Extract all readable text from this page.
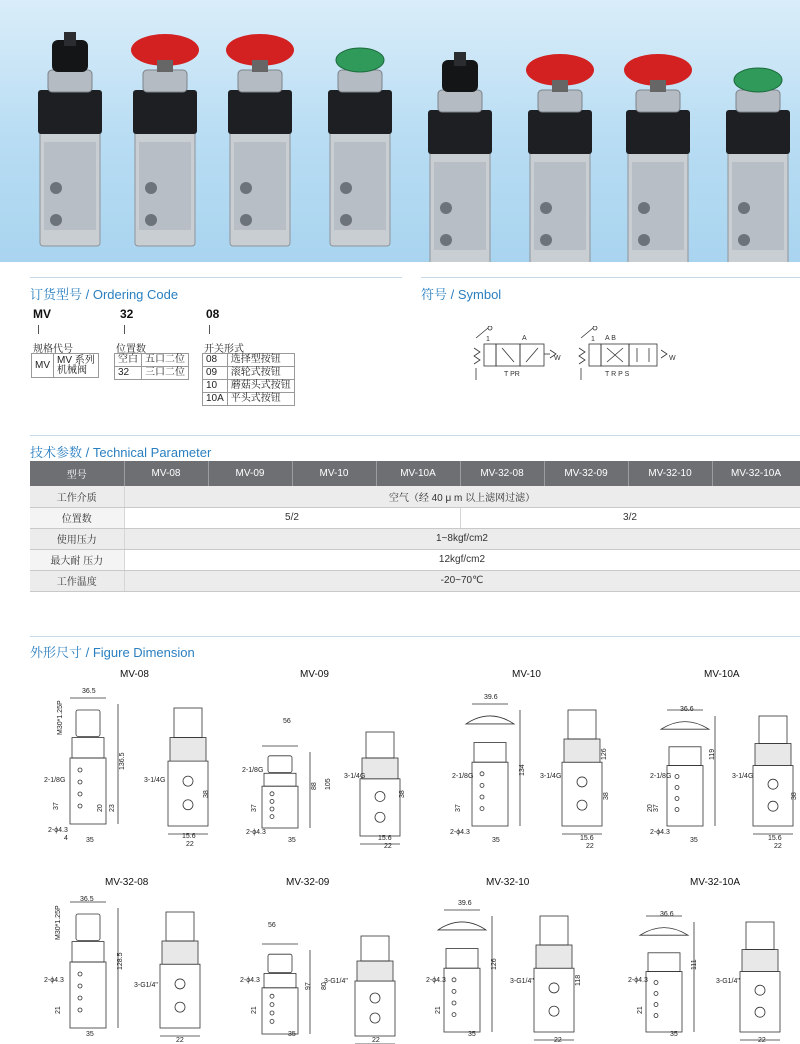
订货型号 / Ordering Code	符号 / Symbol
MV	32	08
规格代号
MV	MV 系列
机械阀
位置数
空白	五口二位
32	三口二位
开关形式
08	选择型按钮
09	滚轮式按钮
10	蘑菇头式按钮
10A	平头式按钮
A
T PR
W
1	A B
T R P S
W
1
技术参数 / Technical Parameter
型号	MV-08	MV-09	MV-10	MV-10A	MV-32-08	MV-32-09	MV-32-10	MV-32-10A
工作介质	空气（经 40 μ m 以上滤网过滤）							
位置数	5/2				3/2			
使用压力	1~8kgf/cm2							
最大耐 压力	12kgf/cm2							
工作温度	-20~70℃							
外形尺寸 / Figure Dimension
MV-08	MV-09	MV-10	MV-10A
MV-32-08	MV-32-09	MV-32-10	MV-32-10A
36.5
M30*1.25P
136.5
2-1/8G	3-1/4G
37
2-ϕ4.3
4	35
15.6
22
38
20 23
56
88 105
2-1/8G
3-1/4G
37
2-ϕ4.3
35	15.6
22
38
39.6
134
2-1/8G	3-1/4G
37
2-ϕ4.3
35	15.6
22
126
38
36.6
119
2-1/8G	3-1/4G
37
20
2-ϕ4.3
35	15.6
22
38
36.5
M30*1.25P
128.5
2-ϕ4.3
21
35
3-G1/4"
22
56
97 80
2-ϕ4.3
21
35
3-G1/4"
22
39.6
126
2-ϕ4.3
21
35
3-G1/4"	118
22
36.6
111
2-ϕ4.3
21
35
3-G1/4"
22
